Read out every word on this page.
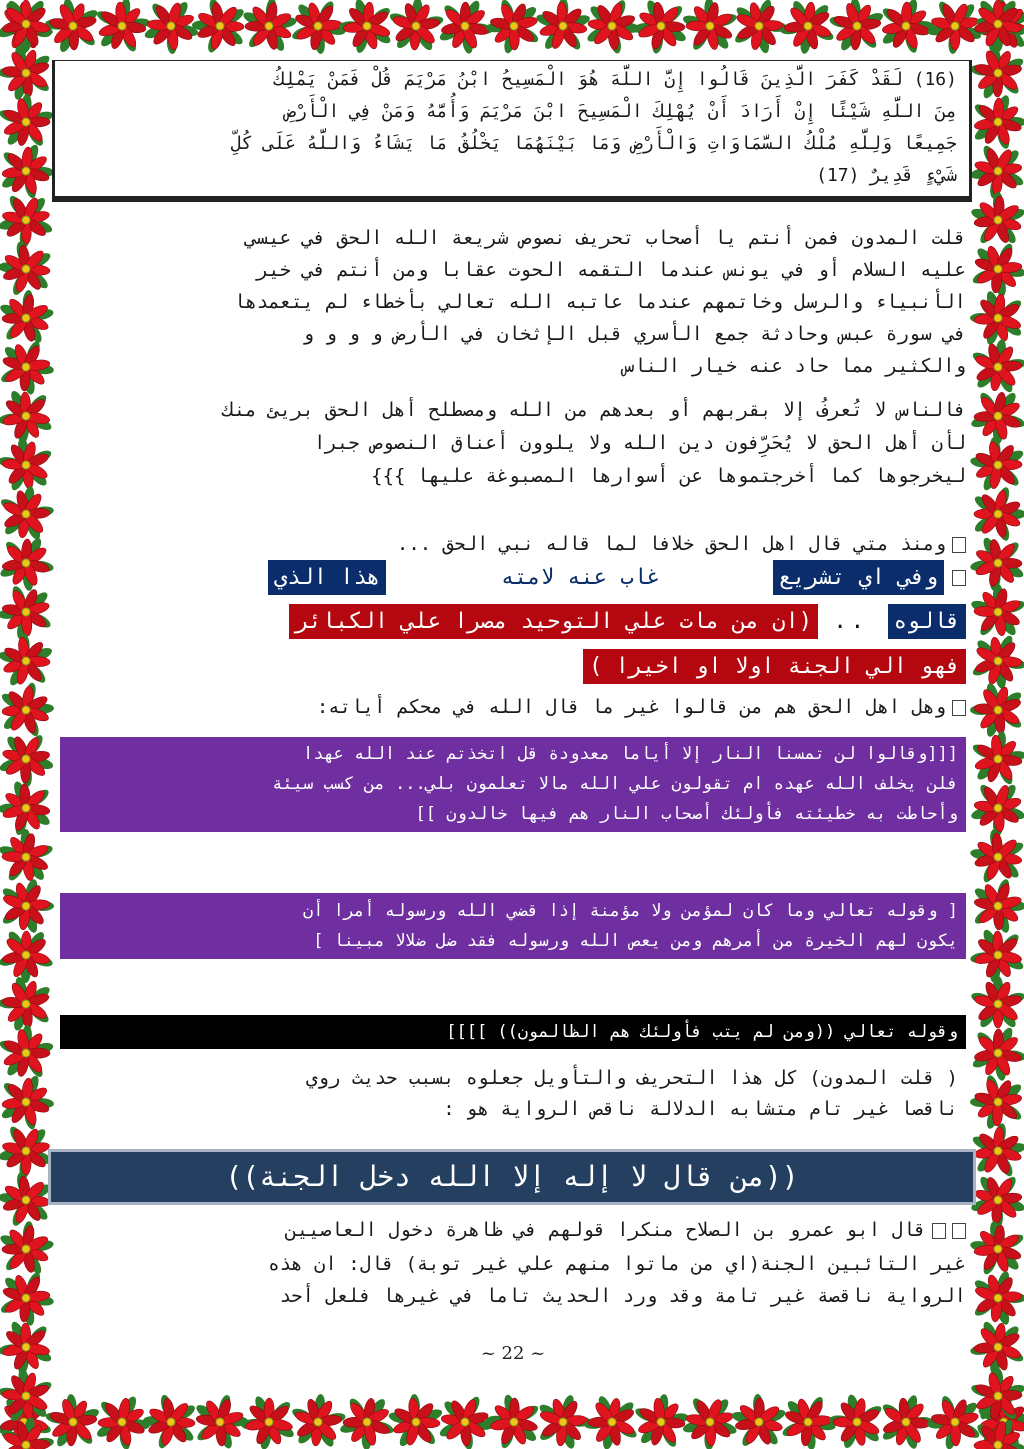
(16) لَقَدْ كَفَرَ الَّذِينَ قَالُوا إِنَّ اللَّهَ هُوَ الْمَسِيحُ ابْنُ مَرْيَمَ قُلْ فَمَنْ يَمْلِكُ
مِنَ اللَّهِ شَيْئًا إِنْ أَرَادَ أَنْ يُهْلِكَ الْمَسِيحَ ابْنَ مَرْيَمَ وَأُمَّهُ وَمَنْ فِي الْأَرْضِ
جَمِيعًا وَلِلَّهِ مُلْكُ السَّمَاوَاتِ وَالْأَرْضِ وَمَا بَيْنَهُمَا يَخْلُقُ مَا يَشَاءُ وَاللَّهُ عَلَى كُلِّ
شَيْءٍ قَدِيرٌ (17)
قلت المدون فمن أنتم يا أصحاب تحريف نصوص شريعة الله الحق في عيسي
عليه السلام أو في يونس عندما التقمه الحوت عقابا ومن أنتم في خير
الأنبياء والرسل وخاتمهم عندما عاتبه الله تعالي بأخطاء لم يتعمدها
في سورة عبس وحادثة جمع الأسري قبل الإثخان في الأرض و و و و
والكثير مما حاد عنه خيار الناس
فالناس لا تُعرفُ إلا بقربهم أو بعدهم من الله ومصطلح أهل الحق بريئ منك
لأن أهل الحق لا يُحَرِّفون دين الله ولا يلوون أعناق النصوص جبرا
ليخرجوها كما أخرجتموها عن أسوارها المصبوغة عليها }}}
ومنذ متي قال اهل الحق خلافا لما قاله نبي الحق ...
وفي اي تشريع
غاب عنه لامته
هذا الذي
قالوه
..
(ان من مات علي التوحيد مصرا علي الكبائر
فهو الي الجنة اولا او اخيرا )
وهل اهل الحق هم من قالوا غير ما قال الله في محكم أياته:
[[[وقالوا لن تمسنا النار إلا أياما معدودة قل اتخذتم عند الله عهدا
فلن يخلف الله عهده ام تقولون علي الله مالا تعلمون بلي... من كسب سيئة
وأحاطت به خطيئته فأولئك أصحاب النار هم فيها خالدون ]]
[ وقوله تعالي وما كان لمؤمن ولا مؤمنة إذا قضي الله ورسوله أمرا أن
يكون لهم الخيرة من أمرهم ومن يعص الله ورسوله فقد ضل ضلالا مبينا ]
وقوله تعالي ((ومن لم يتب فأولئك هم الظالمون)) ]]]]
( قلت المدون) كل هذا التحريف والتأويل جعلوه بسبب حديث روي
ناقصا غير تام متشابه الدلالة ناقص الرواية هو :
((من قال لا إله إلا الله دخل الجنة))
قال ابو عمرو بن الصلاح منكرا قولهم في ظاهرة دخول العاصيين
غير التائبين الجنة(اي من ماتوا منهم علي غير توبة) قال: ان هذه
الرواية ناقصة غير تامة وقد ورد الحديث تاما في غيرها فلعل أحد
~ 22 ~
